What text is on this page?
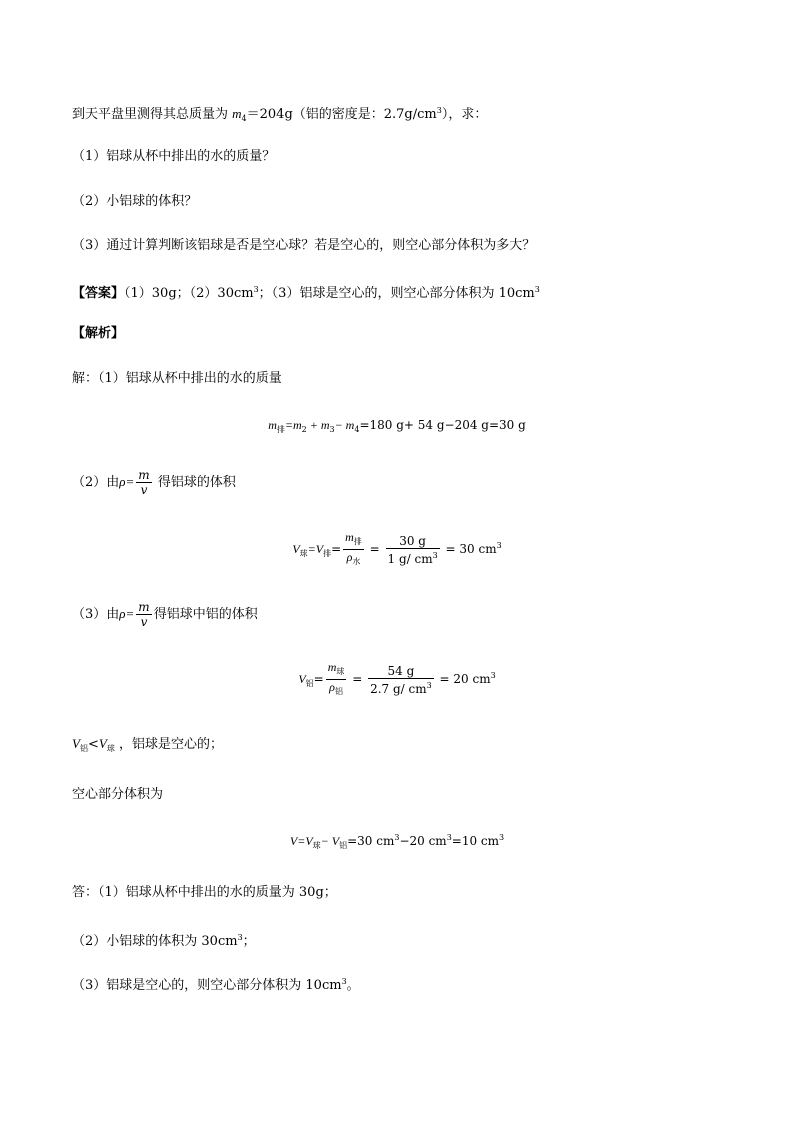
到天平盘里测得其总质量为 $m_4=204g$（铝的密度是：$2.7g/cm^3$），求：
（1）铝球从杯中排出的水的质量？
（2）小铝球的体积？
（3）通过计算判断该铝球是否是空心球？若是空心的，则空心部分体积为多大？
【答案】（1）30g；$(2)30cm^3$；（3）铝球是空心的，则空心部分体积为 $10cm^3$
【解析】
解：（1）铝球从杯中排出的水的质量
$m_排=m_2 + m_3- m_4=180$ g+ 54 g−204 g=30 g
（2）由$\rho= \frac{m}{v}$ 得铝球的体积
$V_球=V_排= \frac{m_排}{\rho_水} = \frac{30 g}{1 g/ cm^3} = 30$ $cm^3$
（3）由$\rho= \frac{m}{v}$ 得铝球中铝的体积
$V_铝= \frac{m_球}{\rho_铝} = \frac{54 g}{2.7 g/ cm^3} = 20$ $cm^3$
$V_铝<V_球$ ，铝球是空心的；
空心部分体积为
$V=V_球- V_铝=30$ $cm^3-20$ $cm^3=10$ $cm^3$
答：（1）铝球从杯中排出的水的质量为 30g；
（2）小铝球的体积为 $30cm^3$；
（3）铝球是空心的，则空心部分体积为 $10cm^3$。
